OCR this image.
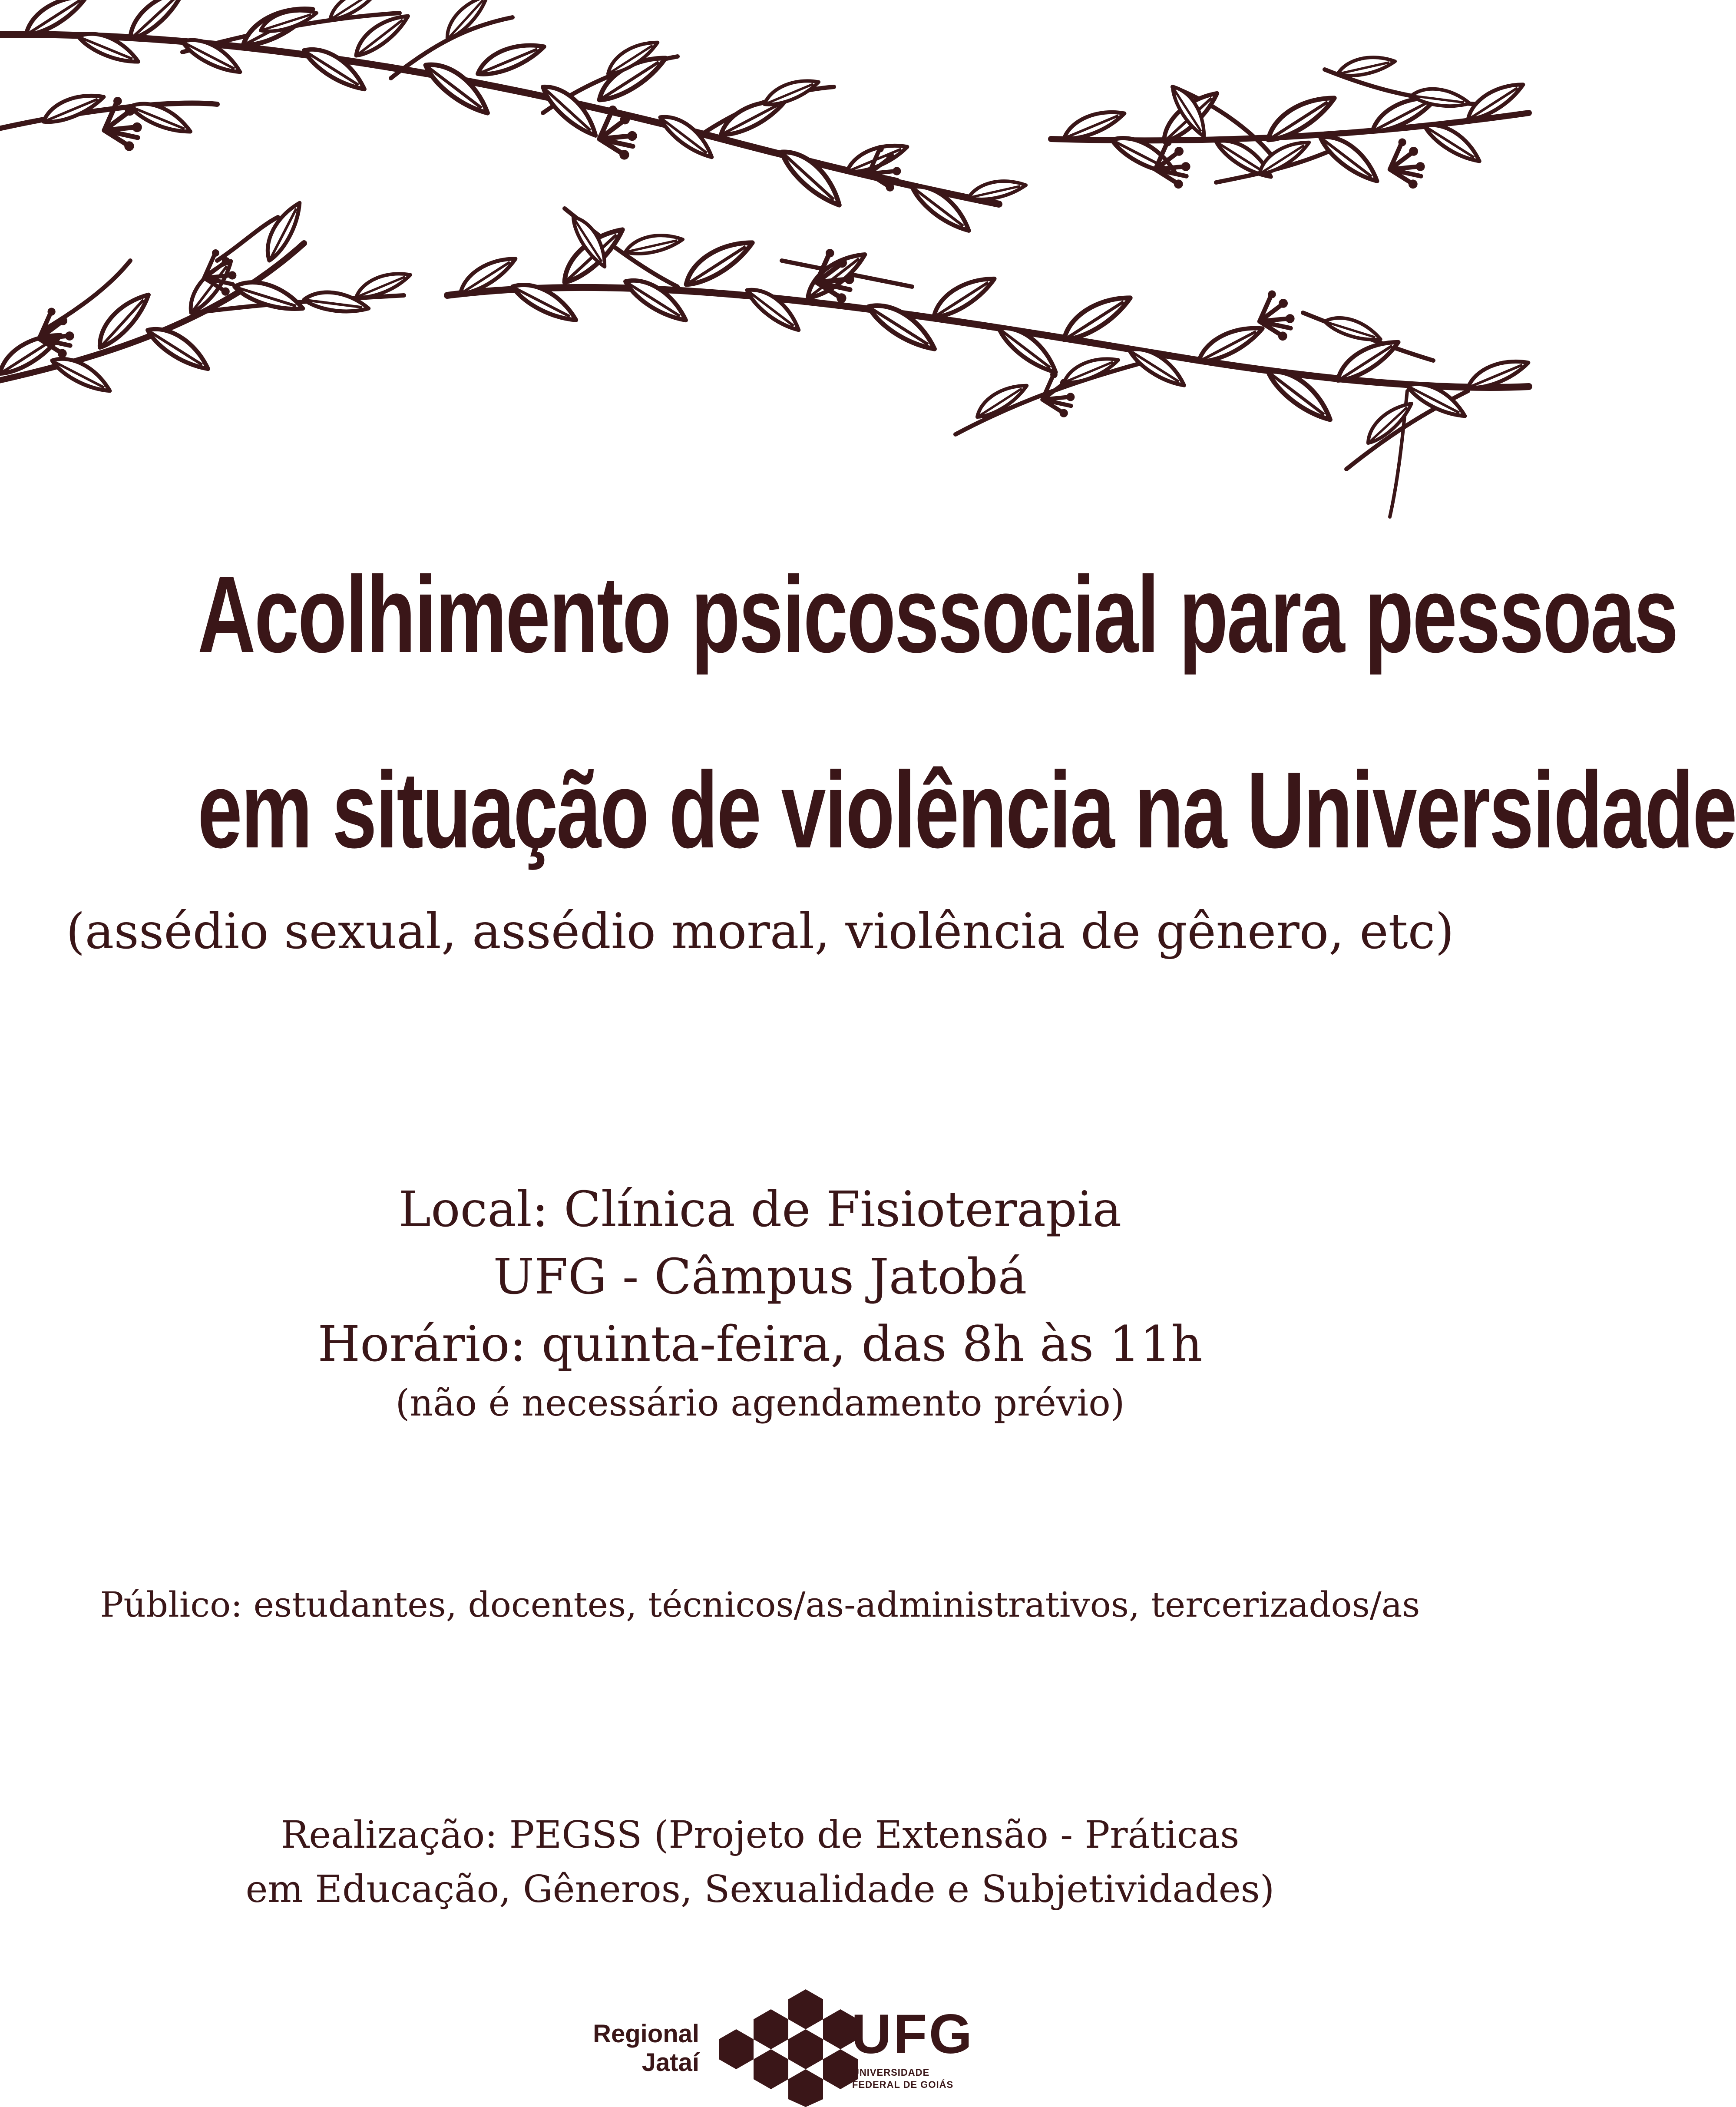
Acolhimento psicossocial para pessoas
em situação de violência na Universidade
(assédio sexual, assédio moral, violência de gênero, etc)
Local: Clínica de Fisioterapia
UFG - Câmpus Jatobá
Horário: quinta-feira, das 8h às 11h
(não é necessário agendamento prévio)
Público: estudantes, docentes, técnicos/as-administrativos, tercerizados/as
Realização: PEGSS (Projeto de Extensão - Práticas
em Educação, Gêneros, Sexualidade e Subjetividades)
Regional
Jataí	UFG
UNIVERSIDADE
FEDERAL DE GOIÁS
